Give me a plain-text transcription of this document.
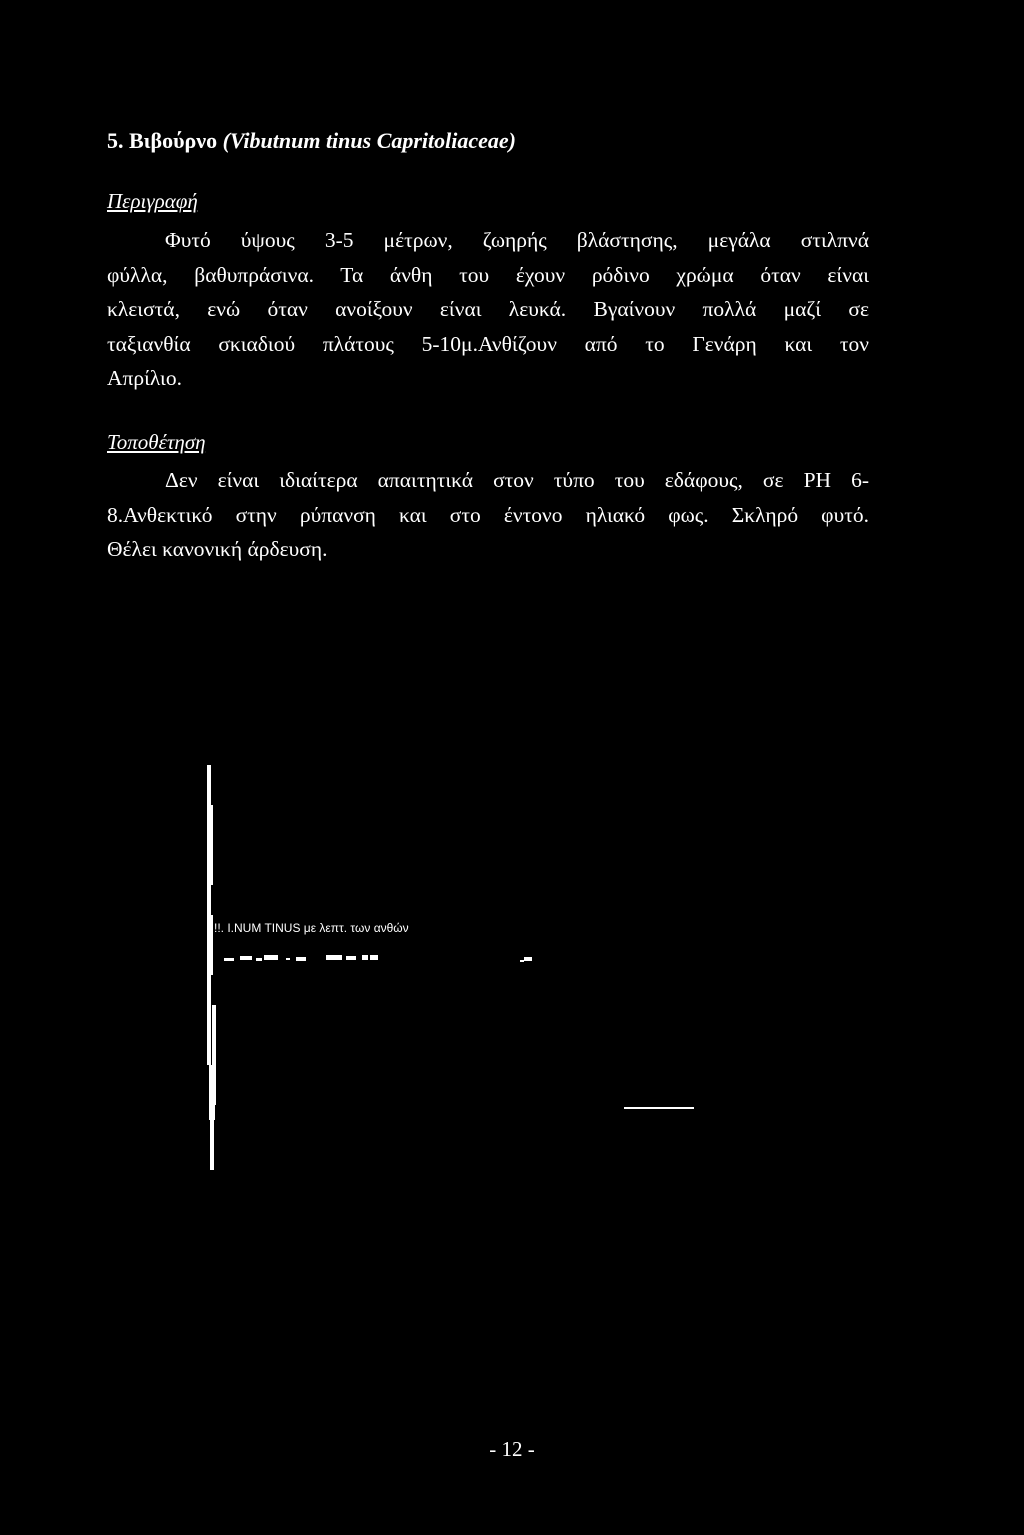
5. Βιβούρνο (Vibutnum tinus Capritoliaceae)
Περιγραφή
Φυτό ύψους 3-5 μέτρων, ζωηρής βλάστησης, μεγάλα στιλπνά
φύλλα, βαθυπράσινα. Τα άνθη του έχουν ρόδινο χρώμα όταν είναι
κλειστά, ενώ όταν ανοίξουν είναι λευκά. Βγαίνουν πολλά μαζί σε
ταξιανθία σκιαδιού πλάτους 5-10μ.Ανθίζουν από το Γενάρη και τον
Απρίλιο.
Τοποθέτηση
Δεν είναι ιδιαίτερα απαιτητικά στον τύπο του εδάφους, σε PH 6-
8.Ανθεκτικό στην ρύπανση και στο έντονο ηλιακό φως. Σκληρό φυτό.
Θέλει κανονική άρδευση.
!!. I.NUM TINUS με λεπτ. των ανθών
- 12 -
